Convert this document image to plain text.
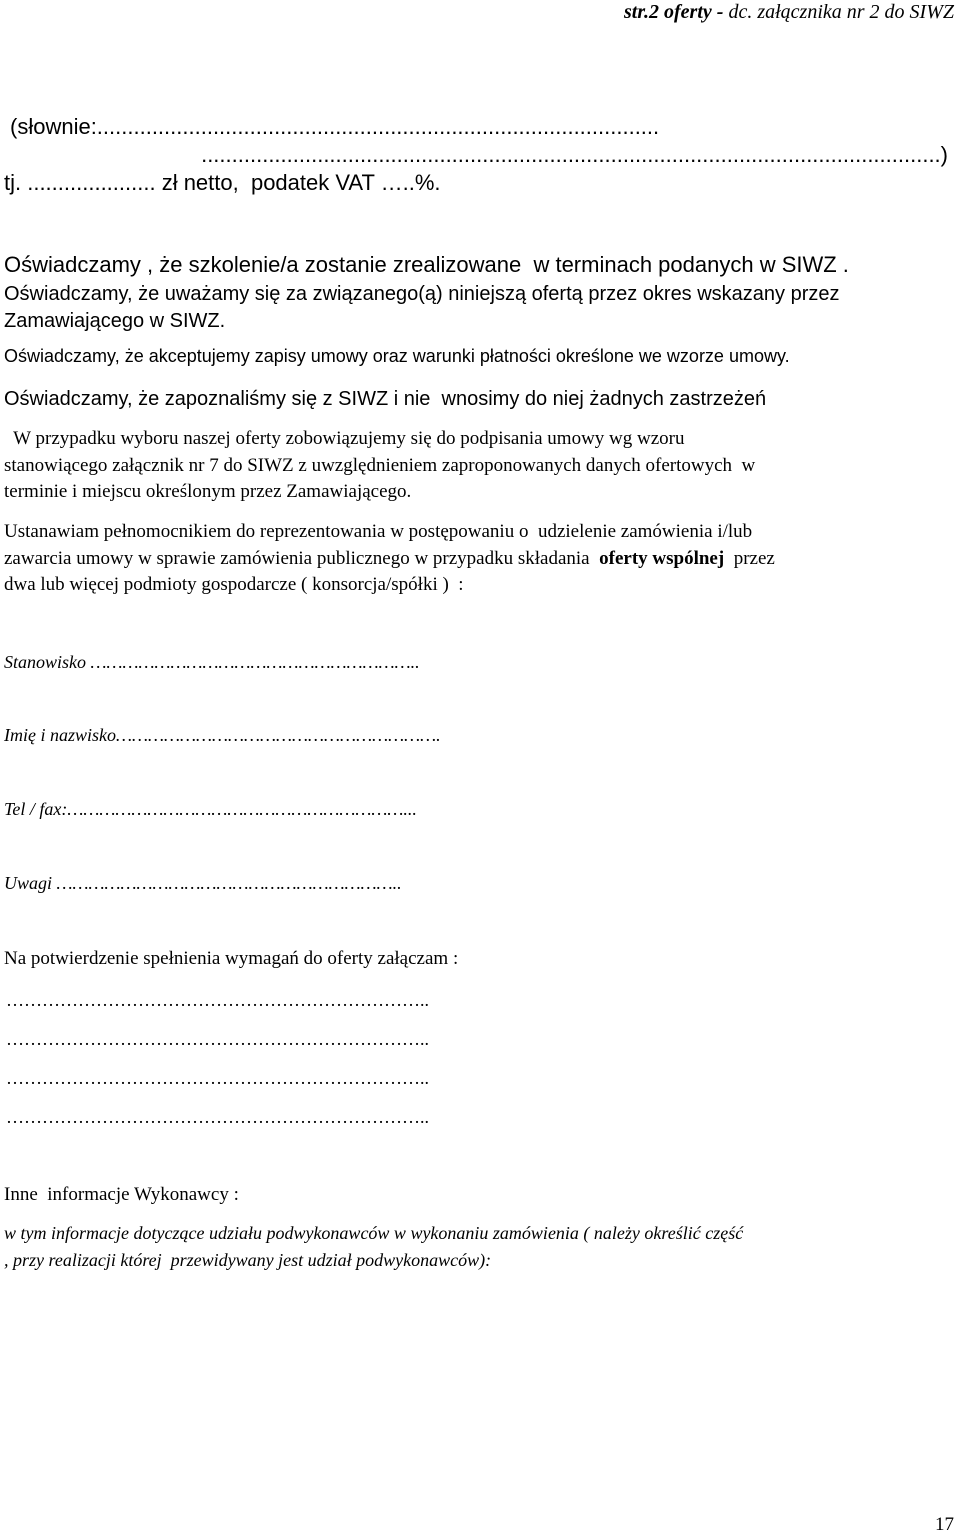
str.2 oferty - dc. załącznika nr 2 do SIWZ
(słownie:............................................................................................
.........................................................................................................................)
tj. ..................... zł netto,  podatek VAT …..%.
Oświadczamy , że szkolenie/a zostanie zrealizowane  w terminach podanych w SIWZ .
Oświadczamy, że uważamy się za związanego(ą) niniejszą ofertą przez okres wskazany przez
Zamawiającego w SIWZ.
Oświadczamy, że akceptujemy zapisy umowy oraz warunki płatności określone we wzorze umowy.
Oświadczamy, że zapoznaliśmy się z SIWZ i nie  wnosimy do niej żadnych zastrzeżeń
W przypadku wyboru naszej oferty zobowiązujemy się do podpisania umowy wg wzoru
stanowiącego załącznik nr 7 do SIWZ z uwzględnieniem zaproponowanych danych ofertowych  w
terminie i miejscu określonym przez Zamawiającego.
Ustanawiam pełnomocnikiem do reprezentowania w postępowaniu o  udzielenie zamówienia i/lub
zawarcia umowy w sprawie zamówienia publicznego w przypadku składania  oferty wspólnej  przez
dwa lub więcej podmioty gospodarcze ( konsorcja/spółki )  :
Stanowisko ……………………………………………………..
Imię i nazwisko…………………………………………………….
Tel / fax:………………………………………………………...
Uwagi ………………………………………………………..
Na potwierdzenie spełnienia wymagań do oferty załączam :
……………………………………………………………..
……………………………………………………………..
……………………………………………………………..
……………………………………………………………..
Inne  informacje Wykonawcy :
w tym informacje dotyczące udziału podwykonawców w wykonaniu zamówienia ( należy określić część
, przy realizacji której  przewidywany jest udział podwykonawców):
17
